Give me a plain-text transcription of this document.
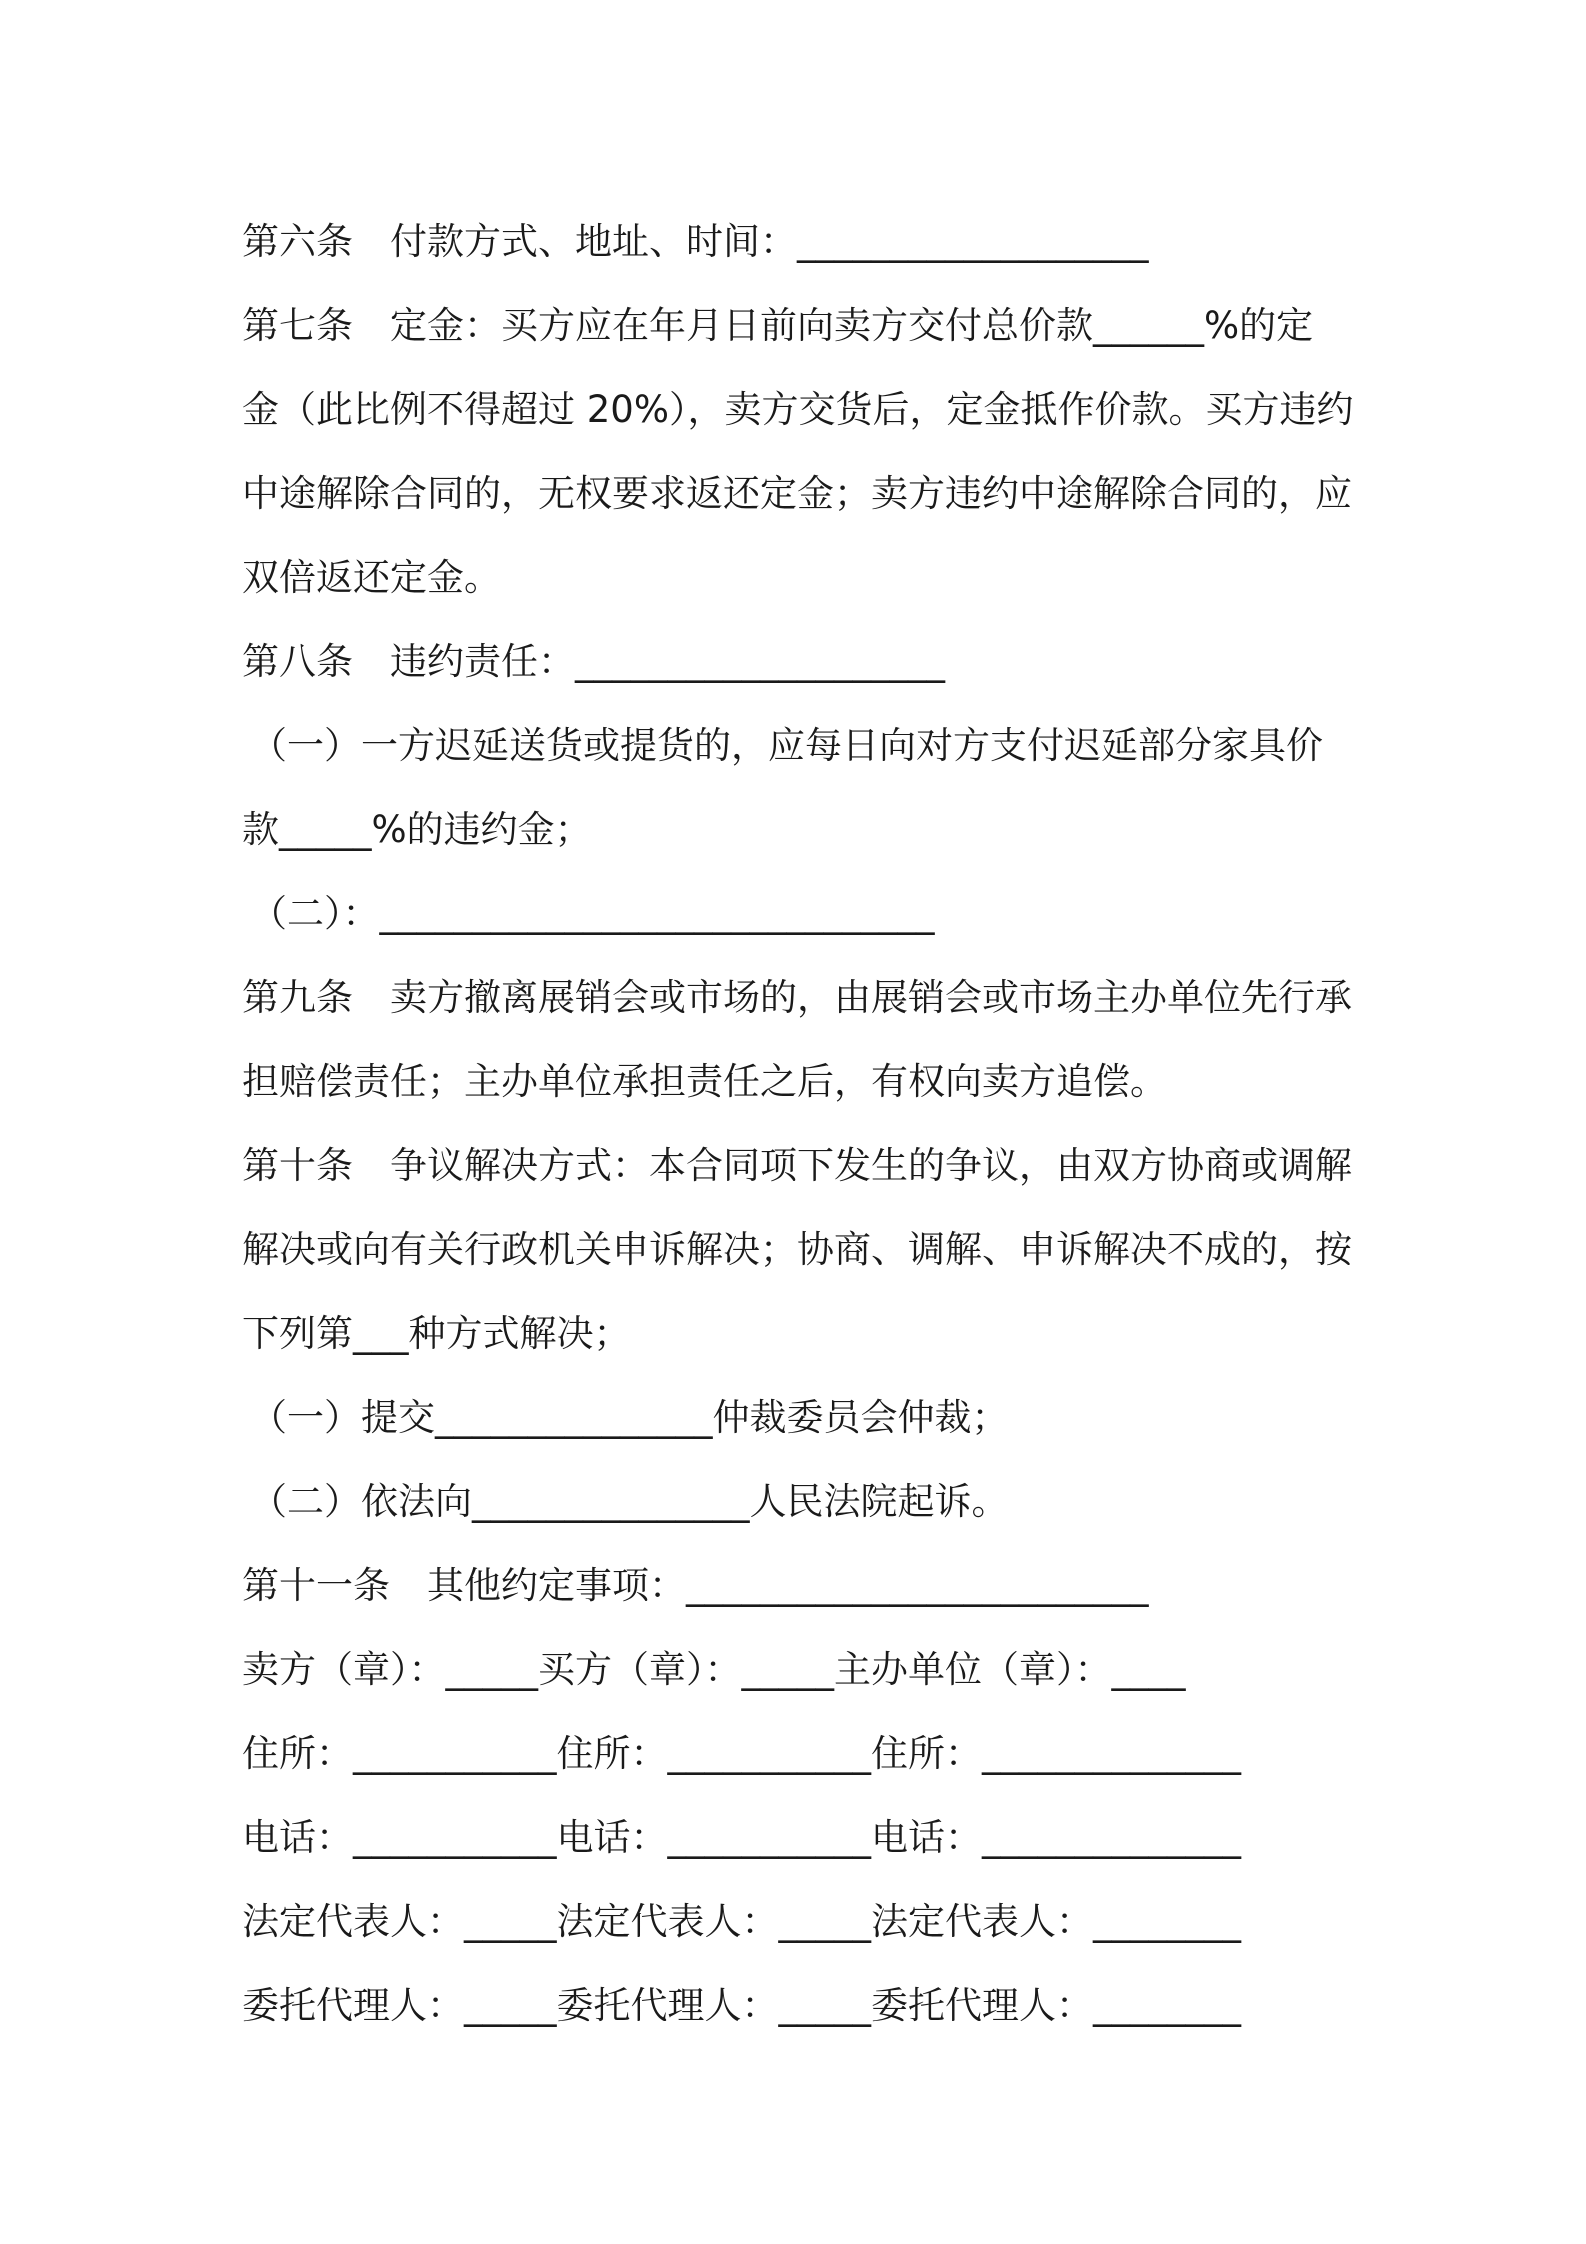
第六条　付款方式、地址、时间：___________________
第七条　定金：买方应在年月日前向卖方交付总价款______%的定
金（此比例不得超过 20%），卖方交货后，定金抵作价款。买方违约
中途解除合同的，无权要求返还定金；卖方违约中途解除合同的，应
双倍返还定金。
第八条　违约责任：____________________
（一）一方迟延送货或提货的，应每日向对方支付迟延部分家具价
款_____%的违约金；
（二）：______________________________
第九条　卖方撤离展销会或市场的，由展销会或市场主办单位先行承
担赔偿责任；主办单位承担责任之后，有权向卖方追偿。
第十条　争议解决方式：本合同项下发生的争议，由双方协商或调解
解决或向有关行政机关申诉解决；协商、调解、申诉解决不成的，按
下列第___种方式解决；
（一）提交_______________仲裁委员会仲裁；
（二）依法向_______________人民法院起诉。
第十一条　其他约定事项：_________________________
卖方（章）：_____买方（章）：_____主办单位（章）：____
住所：___________住所：___________住所：______________
电话：___________电话：___________电话：______________
法定代表人：_____法定代表人：_____法定代表人：________
委托代理人：_____委托代理人：_____委托代理人：________
